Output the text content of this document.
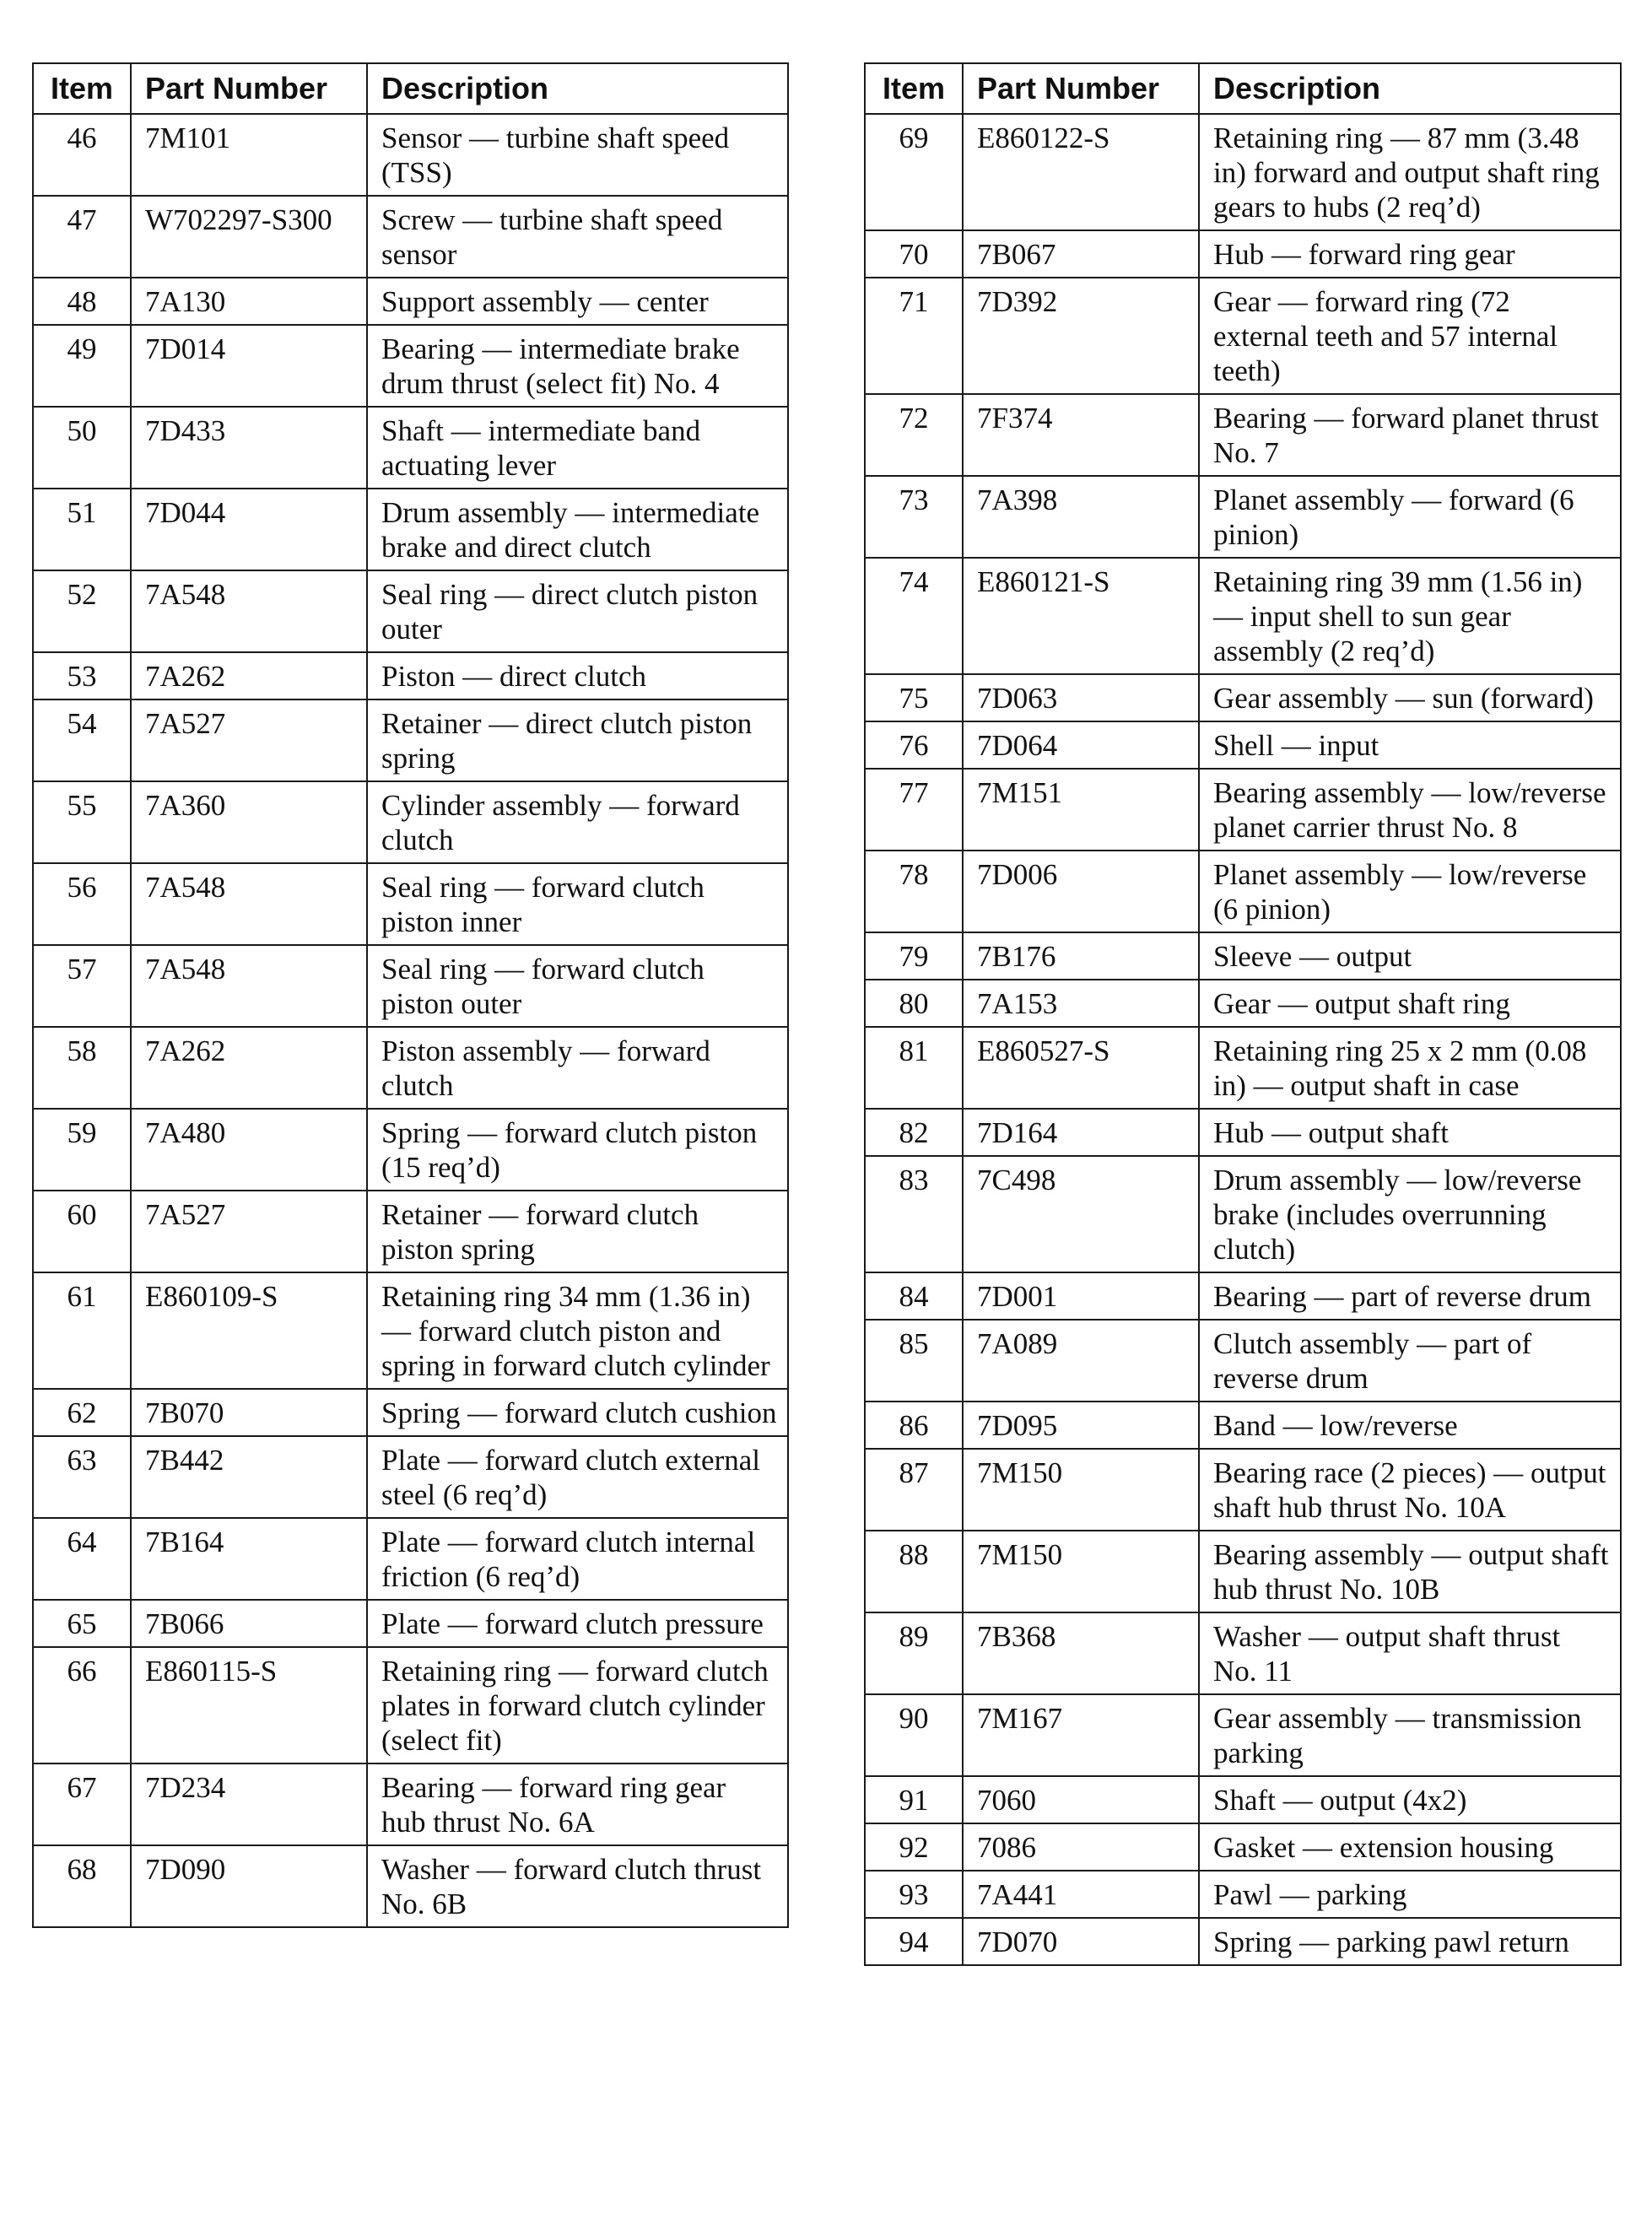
Item	Part Number	Description
46	7M101	Sensor — turbine shaft speed (TSS)
47	W702297-S300	Screw — turbine shaft speed sensor
48	7A130	Support assembly — center
49	7D014	Bearing — intermediate brake drum thrust (select fit) No. 4
50	7D433	Shaft — intermediate band actuating lever
51	7D044	Drum assembly — intermediate brake and direct clutch
52	7A548	Seal ring — direct clutch piston outer
53	7A262	Piston — direct clutch
54	7A527	Retainer — direct clutch piston spring
55	7A360	Cylinder assembly — forward clutch
56	7A548	Seal ring — forward clutch piston inner
57	7A548	Seal ring — forward clutch piston outer
58	7A262	Piston assembly — forward clutch
59	7A480	Spring — forward clutch piston (15 req’d)
60	7A527	Retainer — forward clutch piston spring
61	E860109-S	Retaining ring 34 mm (1.36 in) — forward clutch piston and spring in forward clutch cylinder
62	7B070	Spring — forward clutch cushion
63	7B442	Plate — forward clutch external steel (6 req’d)
64	7B164	Plate — forward clutch internal friction (6 req’d)
65	7B066	Plate — forward clutch pressure
66	E860115-S	Retaining ring — forward clutch plates in forward clutch cylinder (select fit)
67	7D234	Bearing — forward ring gear hub thrust No. 6A
68	7D090	Washer — forward clutch thrust No. 6B
Item	Part Number	Description
69	E860122-S	Retaining ring — 87 mm (3.48 in) forward and output shaft ring gears to hubs (2 req’d)
70	7B067	Hub — forward ring gear
71	7D392	Gear — forward ring (72 external teeth and 57 internal teeth)
72	7F374	Bearing — forward planet thrust No. 7
73	7A398	Planet assembly — forward (6 pinion)
74	E860121-S	Retaining ring 39 mm (1.56 in) — input shell to sun gear assembly (2 req’d)
75	7D063	Gear assembly — sun (forward)
76	7D064	Shell — input
77	7M151	Bearing assembly — low/reverse planet carrier thrust No. 8
78	7D006	Planet assembly — low/reverse (6 pinion)
79	7B176	Sleeve — output
80	7A153	Gear — output shaft ring
81	E860527-S	Retaining ring 25 x 2 mm (0.08 in) — output shaft in case
82	7D164	Hub — output shaft
83	7C498	Drum assembly — low/reverse brake (includes overrunning clutch)
84	7D001	Bearing — part of reverse drum
85	7A089	Clutch assembly — part of reverse drum
86	7D095	Band — low/reverse
87	7M150	Bearing race (2 pieces) — output shaft hub thrust No. 10A
88	7M150	Bearing assembly — output shaft hub thrust No. 10B
89	7B368	Washer — output shaft thrust No. 11
90	7M167	Gear assembly — transmission parking
91	7060	Shaft — output (4x2)
92	7086	Gasket — extension housing
93	7A441	Pawl — parking
94	7D070	Spring — parking pawl return
